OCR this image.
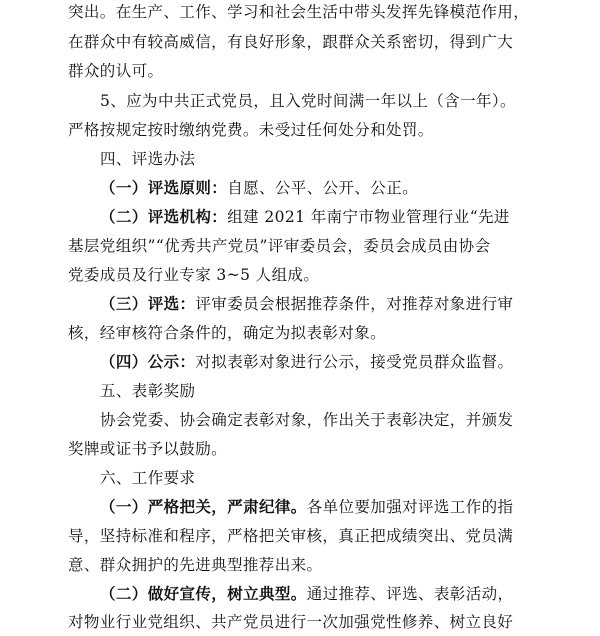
突出。在生产、工作、学习和社会生活中带头发挥先锋模范作用，
在群众中有较高威信，有良好形象，跟群众关系密切，得到广大
群众的认可。
5、应为中共正式党员，且入党时间满一年以上（含一年）。
严格按规定按时缴纳党费。未受过任何处分和处罚。
四、评选办法
（一）评选原则：自愿、公平、公开、公正。
（二）评选机构：组建 2021 年南宁市物业管理行业“先进
基层党组织”“优秀共产党员”评审委员会，委员会成员由协会
党委成员及行业专家 3~5 人组成。
（三）评选：评审委员会根据推荐条件，对推荐对象进行审
核，经审核符合条件的，确定为拟表彰对象。
（四）公示：对拟表彰对象进行公示，接受党员群众监督。
五、表彰奖励
协会党委、协会确定表彰对象，作出关于表彰决定，并颁发
奖牌或证书予以鼓励。
六、工作要求
（一）严格把关，严肃纪律。各单位要加强对评选工作的指
导，坚持标准和程序，严格把关审核，真正把成绩突出、党员满
意、群众拥护的先进典型推荐出来。
（二）做好宣传，树立典型。通过推荐、评选、表彰活动，
对物业行业党组织、共产党员进行一次加强党性修养、树立良好
